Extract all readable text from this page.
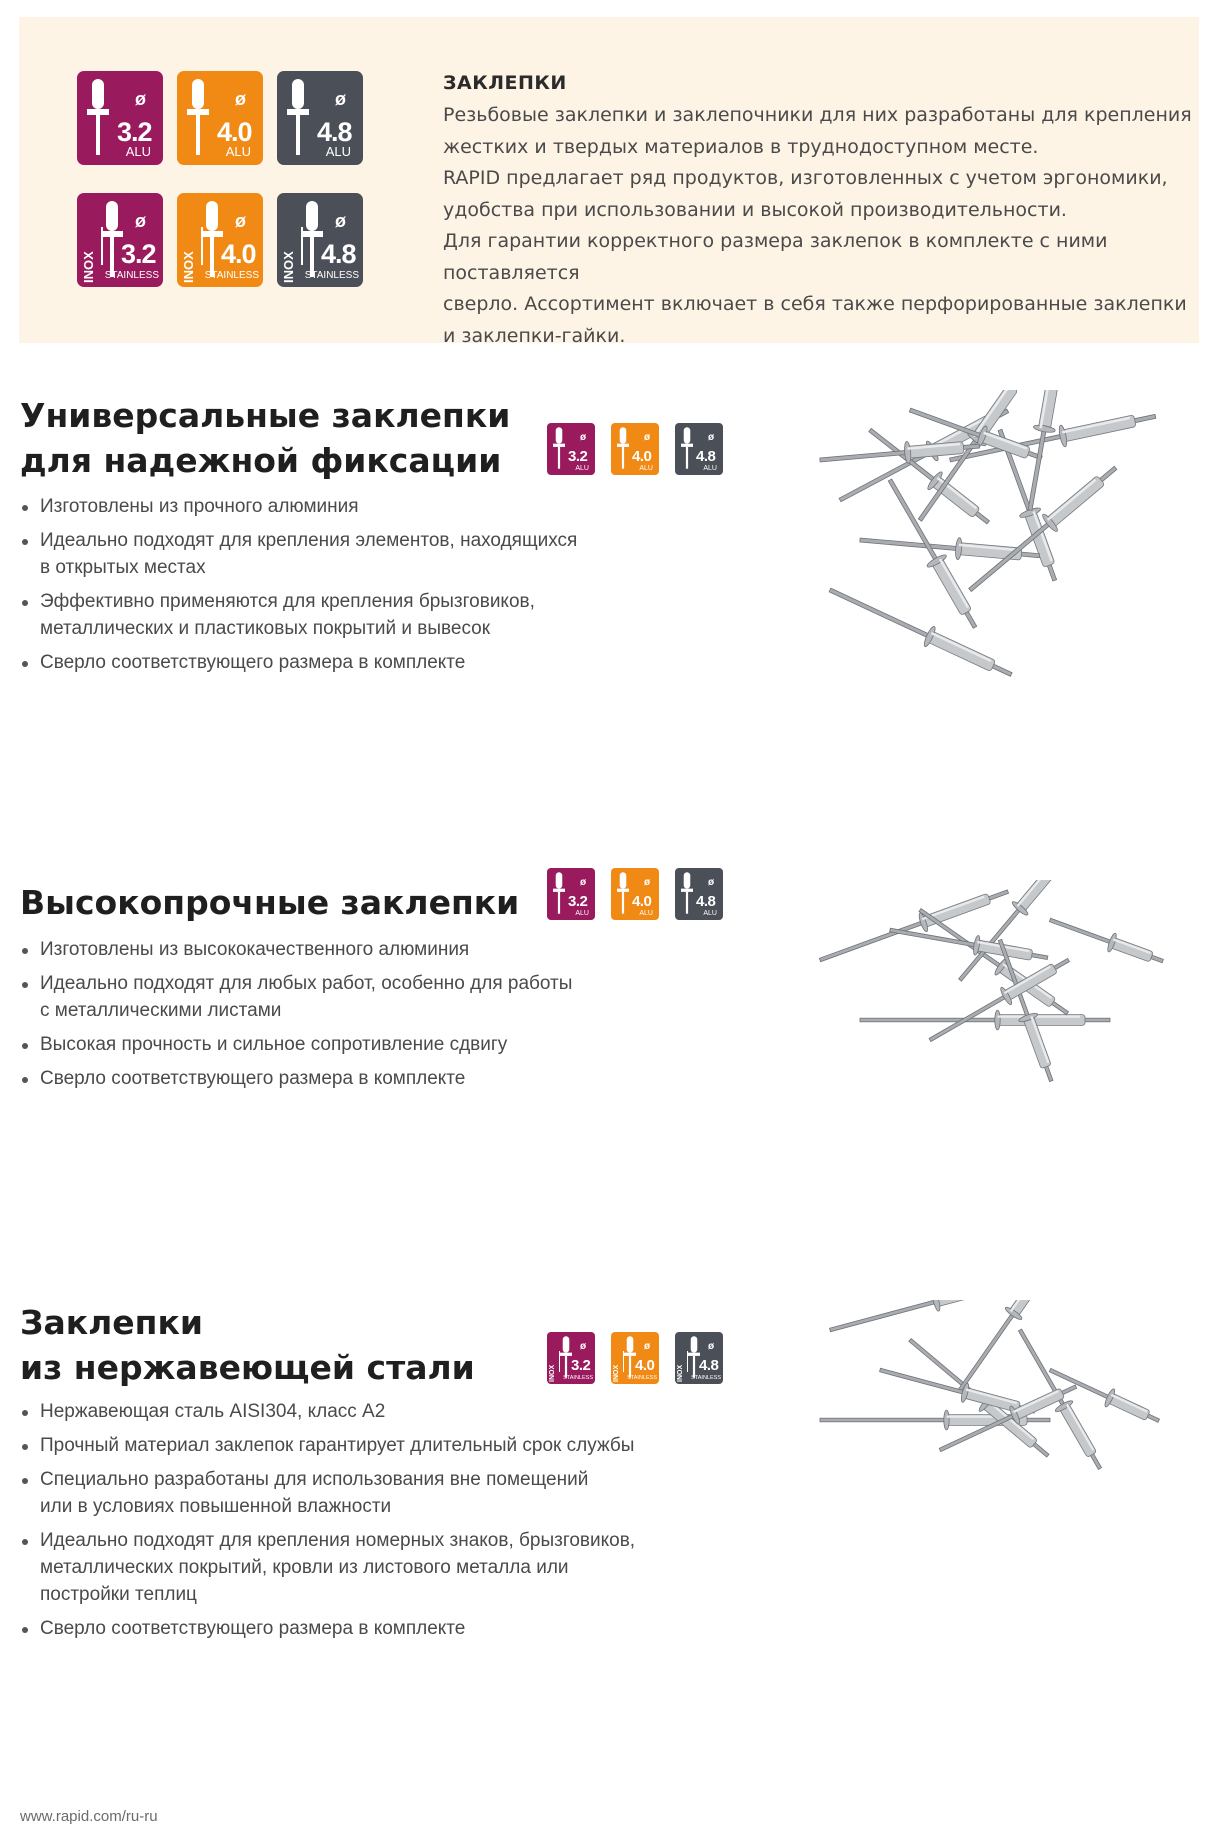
ø
3.2
ALU
ø
4.0
ALU
ø
4.8
ALU
INOX
ø
3.2
STAINLESS	INOX
ø
4.0
STAINLESS	INOX
ø
4.8
STAINLESS
ЗАКЛЕПКИ

Резьбовые заклепки и заклепочники для них разработаны для крепления
жестких и твердых материалов в труднодоступном месте.
RAPID предлагает ряд продуктов, изготовленных с учетом эргономики,
удобства при использовании и высокой производительности.
Для гарантии корректного размера заклепок в комплекте с ними поставляется
сверло. Ассортимент включает в себя также перфорированные заклепки
и заклепки-гайки.

Универсальные заклепки
для надежной фиксации
ø
3.2
ALU
ø
4.0
ALU
ø
4.8
ALU
Изготовлены из прочного алюминия
Идеально подходят для крепления элементов, находящихся
в открытых местах
Эффективно применяются для крепления брызговиков,
металлических и пластиковых покрытий и вывесок
Сверло соответствующего размера в комплекте
Высокопрочные заклепки
ø
3.2
ALU
ø
4.0
ALU
ø
4.8
ALU
Изготовлены из высококачественного алюминия
Идеально подходят для любых работ, особенно для работы
с металлическими листами
Высокая прочность и сильное сопротивление сдвигу
Сверло соответствующего размера в комплекте
Заклепки
из нержавеющей стали	INOX
ø
3.2
STAINLESS	INOX
ø
4.0
STAINLESS	INOX
ø
4.8
STAINLESS
Нержавеющая сталь AISI304, класс A2
Прочный материал заклепок гарантирует длительный срок службы
Специально разработаны для использования вне помещений
или в условиях повышенной влажности
Идеально подходят для крепления номерных знаков, брызговиков,
металлических покрытий, кровли из листового металла или
постройки теплиц
Сверло соответствующего размера в комплекте
www.rapid.com/ru-ru
